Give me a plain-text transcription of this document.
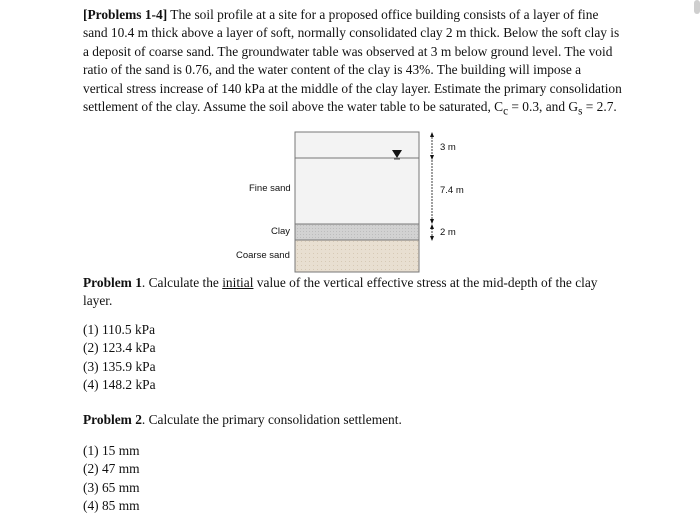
[Problems 1-4] The soil profile at a site for a proposed office building consists of a layer of fine sand 10.4 m thick above a layer of soft, normally consolidated clay 2 m thick. Below the soft clay is a deposit of coarse sand. The groundwater table was observed at 3 m below ground level. The void ratio of the sand is 0.76, and the water content of the clay is 43%. The building will impose a vertical stress increase of 140 kPa at the middle of the clay layer. Estimate the primary consolidation settlement of the clay. Assume the soil above the water table to be saturated, $C_c = 0.3$, and $G_s = 2.7$.
Fine sand
Clay
Coarse sand
3 m
7.4 m
2 m
Problem 1. Calculate the initial value of the vertical effective stress at the mid-depth of the clay layer.
(1) 110.5 kPa
(2) 123.4 kPa
(3) 135.9 kPa
(4) 148.2 kPa
Problem 2. Calculate the primary consolidation settlement.
(1) 15 mm
(2) 47 mm
(3) 65 mm
(4) 85 mm
